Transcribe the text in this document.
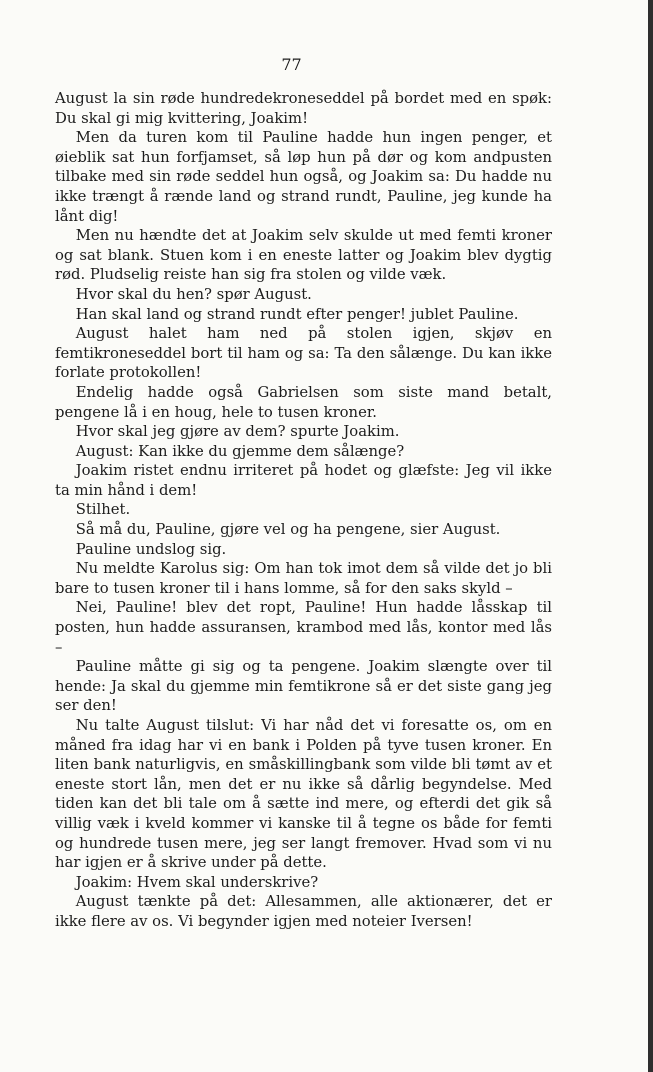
77

August la sin røde hundredekroneseddel på bordet med en spøk: Du skal gi mig kvittering, Joakim!

Men da turen kom til Pauline hadde hun ingen penger, et øieblik sat hun forfjamset, så løp hun på dør og kom andpusten tilbake med sin røde seddel hun også, og Joakim sa: Du hadde nu ikke trængt å rænde land og strand rundt, Pauline, jeg kunde ha lånt dig!

Men nu hændte det at Joakim selv skulde ut med femti kroner og sat blank. Stuen kom i en eneste latter og Joakim blev dygtig rød. Pludselig reiste han sig fra stolen og vilde væk.

Hvor skal du hen? spør August.

Han skal land og strand rundt efter penger! jublet Pauline.

August halet ham ned på stolen igjen, skjøv en femtikroneseddel bort til ham og sa: Ta den sålænge. Du kan ikke forlate protokollen!

Endelig hadde også Gabrielsen som siste mand betalt, pengene lå i en houg, hele to tusen kroner.

Hvor skal jeg gjøre av dem? spurte Joakim.

August: Kan ikke du gjemme dem sålænge?

Joakim ristet endnu irriteret på hodet og glæfste: Jeg vil ikke ta min hånd i dem!

Stilhet.

Så må du, Pauline, gjøre vel og ha pengene, sier August.

Pauline undslog sig.

Nu meldte Karolus sig: Om han tok imot dem så vilde det jo bli bare to tusen kroner til i hans lomme, så for den saks skyld –

Nei, Pauline! blev det ropt, Pauline! Hun hadde låsskap til posten, hun hadde assuransen, krambod med lås, kontor med lås –

Pauline måtte gi sig og ta pengene. Joakim slængte over til hende: Ja skal du gjemme min femtikrone så er det siste gang jeg ser den!

Nu talte August tilslut: Vi har nåd det vi foresatte os, om en måned fra idag har vi en bank i Polden på tyve tusen kroner. En liten bank naturligvis, en småskillingbank som vilde bli tømt av et eneste stort lån, men det er nu ikke så dårlig begyndelse. Med tiden kan det bli tale om å sætte ind mere, og efterdi det gik så villig væk i kveld kommer vi kanske til å tegne os både for femti og hundrede tusen mere, jeg ser langt fremover. Hvad som vi nu har igjen er å skrive under på dette.

Joakim: Hvem skal underskrive?

August tænkte på det: Allesammen, alle aktionærer, det er ikke flere av os. Vi begynder igjen med noteier Iversen!
